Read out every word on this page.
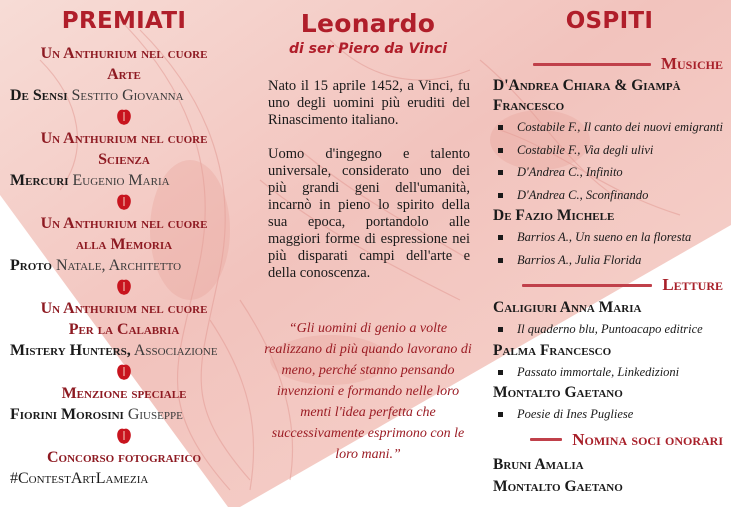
PREMIATI
Un Anthurium nel cuore
Arte
De Sensi Sestito Giovanna
Un Anthurium nel cuore
Scienza
Mercuri Eugenio Maria
Un Anthurium nel cuore
alla Memoria
Proto Natale, Architetto
Un Anthurium nel cuore
Per la Calabria
Mistery Hunters, Associazione
Menzione speciale
Fiorini Morosini Giuseppe
Concorso fotografico
#ContestArtLamezia
Leonardo
di ser Piero da Vinci

Nato il 15 aprile 1452, a Vinci, fu uno degli uomini più eruditi del Rinascimento italiano.

Uomo d'ingegno e talento universale, considerato uno dei più grandi geni dell'umanità, incarnò in pieno lo spirito della sua epoca, portandolo alle maggiori forme di espressione nei più disparati campi dell'arte e della conoscenza.

“Gli uomini di genio a volte realizzano di più quando lavorano di meno, perché stanno pensando invenzioni e formando nelle loro menti l'idea perfetta che successivamente esprimono con le loro mani.”
OSPITI
Musiche
D'Andrea Chiara & Giampà Francesco
Costabile F., Il canto dei nuovi emigranti
Costabile F., Via degli ulivi
D'Andrea C., Infinito
D'Andrea C., Sconfinando
De Fazio Michele
Barrios A., Un sueno en la floresta
Barrios A., Julia Florida
Letture
Caligiuri Anna Maria
Il quaderno blu, Puntoacapo editrice
Palma Francesco
Passato immortale, Linkedizioni
Montalto Gaetano
Poesie di Ines Pugliese
Nomina soci onorari
Bruni Amalia
Montalto Gaetano
